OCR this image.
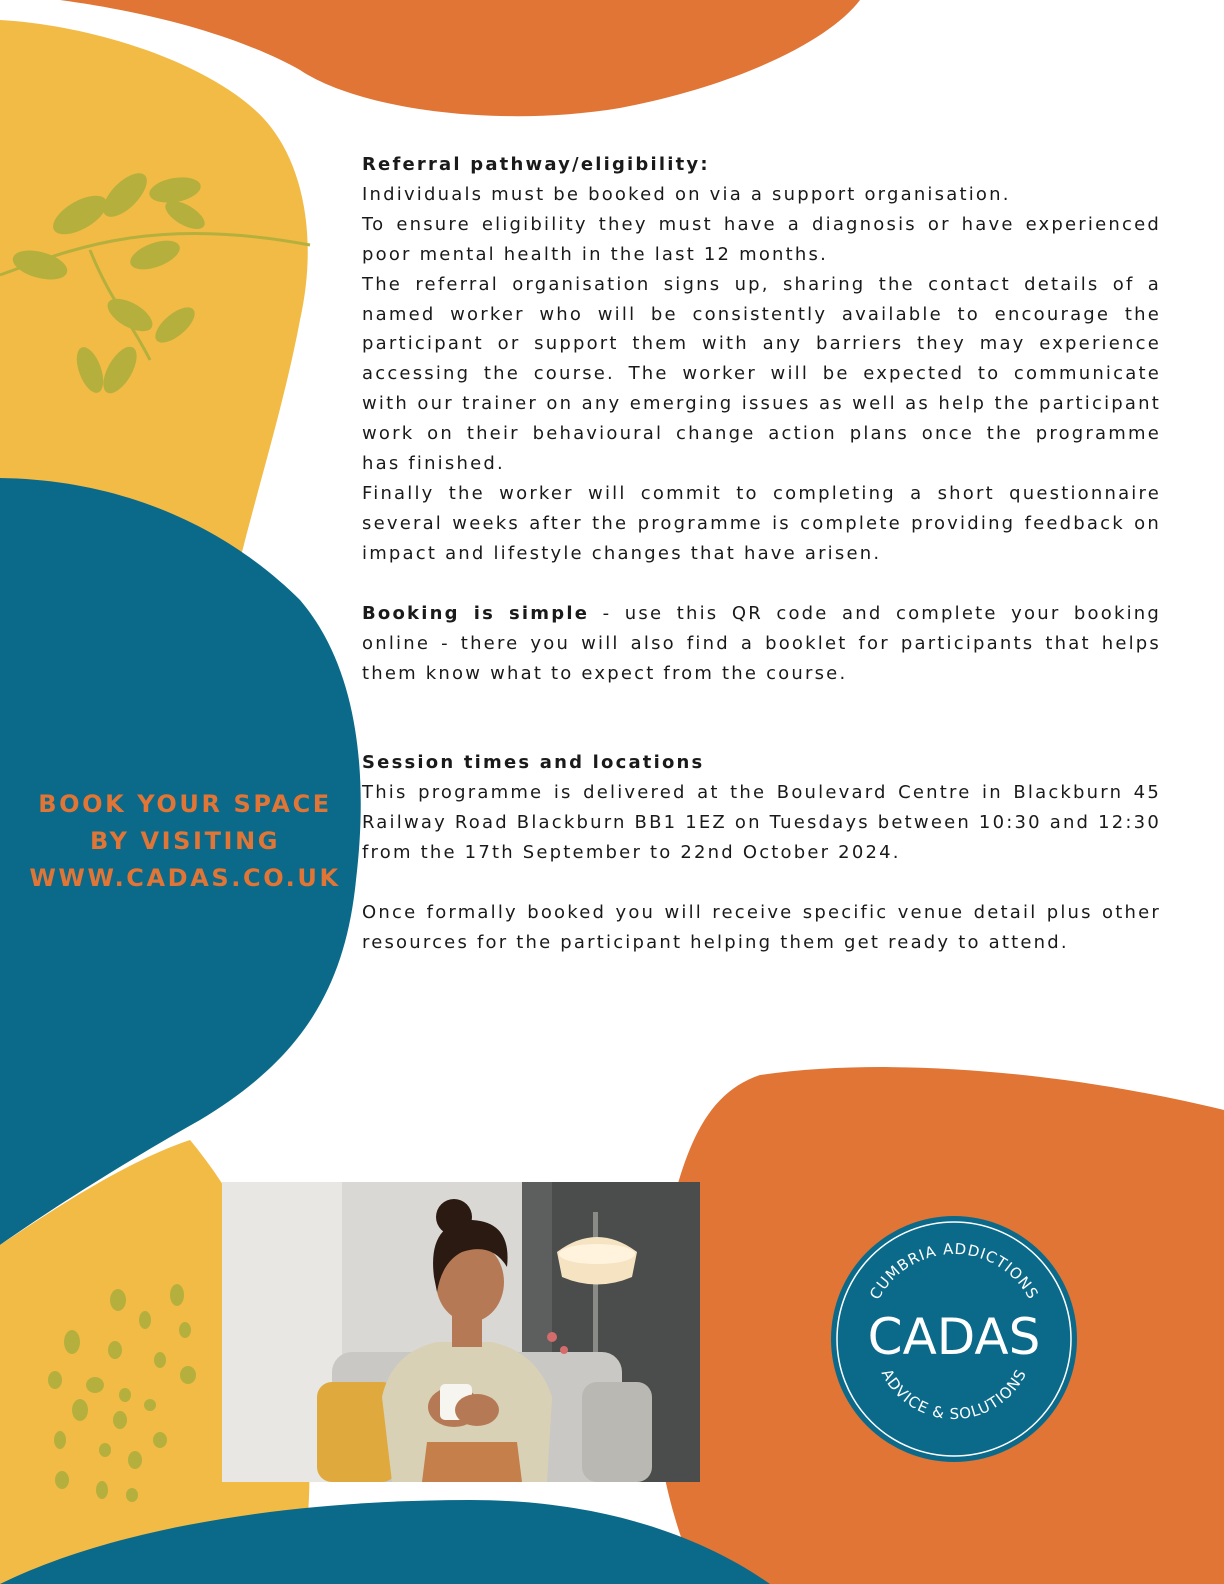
Referral pathway/eligibility:

Individuals must be booked on via a support organisation.

To ensure eligibility they must have a diagnosis or have experienced poor mental health in the last 12 months.

The referral organisation signs up, sharing the contact details of a named worker who will be consistently available to encourage the participant or support them with any barriers they may experience accessing the course. The worker will be expected to communicate with our trainer on any emerging issues as well as help the participant work on their behavioural change action plans once the programme has finished.

Finally the worker will commit to completing a short questionnaire several weeks after the programme is complete providing feedback on impact and lifestyle changes that have arisen.

Booking is simple - use this QR code and complete your booking online - there you will also find a booklet for participants that helps them know what to expect from the course.

Session times and locations

This programme is delivered at the Boulevard Centre in Blackburn 45 Railway Road Blackburn BB1 1EZ on Tuesdays between 10:30 and 12:30 from the 17th September to 22nd October 2024.

Once formally booked you will receive specific venue detail plus other resources for the participant helping them get ready to attend.

BOOK YOUR SPACE
BY VISITING
WWW.CADAS.CO.UK
CUMBRIA ADDICTIONS
CADAS
ADVICE & SOLUTIONS
